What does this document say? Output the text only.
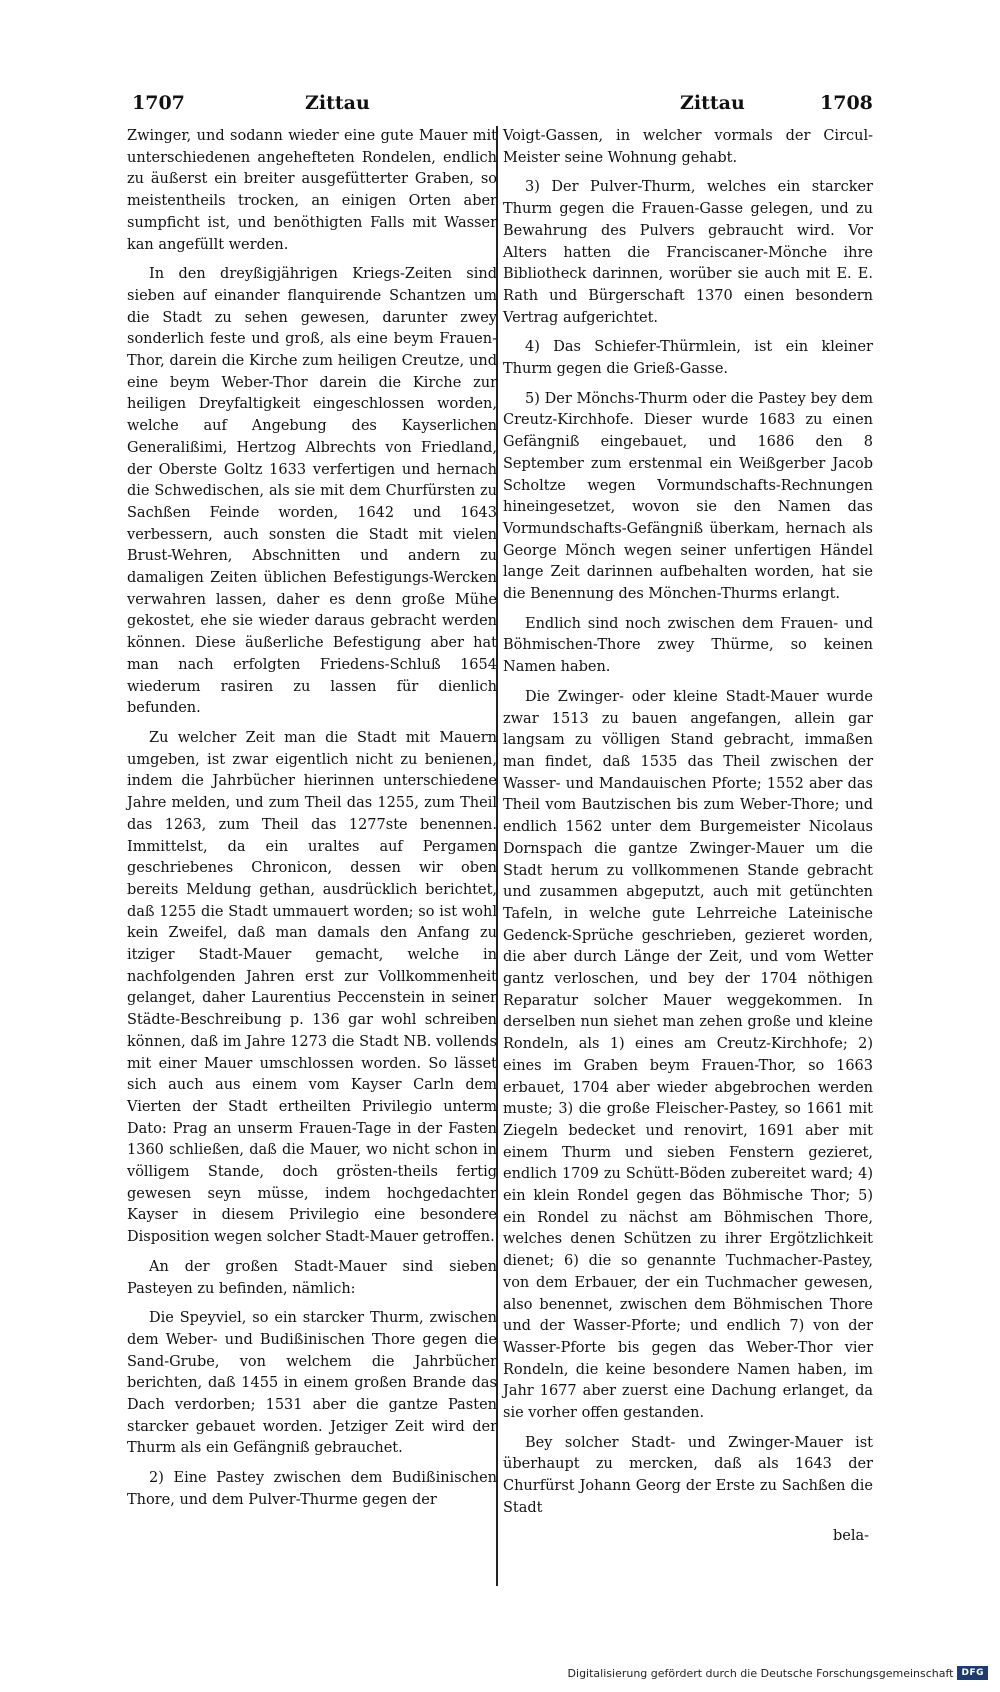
1707	Zittau	Zittau	1708

Zwinger, und sodann wieder eine gute Mauer mit unterschiedenen angehefteten Rondelen, endlich zu äußerst ein breiter ausgefütterter Graben, so meistentheils trocken, an einigen Orten aber sumpficht ist, und benöthigten Falls mit Wasser kan angefüllt werden.

In den dreyßigjährigen Kriegs-Zeiten sind sieben auf einander flanquirende Schantzen um die Stadt zu sehen gewesen, darunter zwey sonderlich feste und groß, als eine beym Frauen-Thor, darein die Kirche zum heiligen Creutze, und eine beym Weber-Thor darein die Kirche zur heiligen Dreyfaltigkeit eingeschlossen worden, welche auf Angebung des Kayserlichen Generalißimi, Hertzog Albrechts von Friedland, der Oberste Goltz 1633 verfertigen und hernach die Schwedischen, als sie mit dem Churfürsten zu Sachßen Feinde worden, 1642 und 1643 verbessern, auch sonsten die Stadt mit vielen Brust-Wehren, Abschnitten und andern zu damaligen Zeiten üblichen Befestigungs-Wercken verwahren lassen, daher es denn große Mühe gekostet, ehe sie wieder daraus gebracht werden können. Diese äußerliche Befestigung aber hat man nach erfolgten Friedens-Schluß 1654 wiederum rasiren zu lassen für dienlich befunden.

Zu welcher Zeit man die Stadt mit Mauern umgeben, ist zwar eigentlich nicht zu benienen, indem die Jahrbücher hierinnen unterschiedene Jahre melden, und zum Theil das 1255, zum Theil das 1263, zum Theil das 1277ste benennen. Immittelst, da ein uraltes auf Pergamen geschriebenes Chronicon, dessen wir oben bereits Meldung gethan, ausdrücklich berichtet, daß 1255 die Stadt ummauert worden; so ist wohl kein Zweifel, daß man damals den Anfang zu itziger Stadt-Mauer gemacht, welche in nachfolgenden Jahren erst zur Vollkommenheit gelanget, daher Laurentius Peccenstein in seiner Städte-Beschreibung p. 136 gar wohl schreiben können, daß im Jahre 1273 die Stadt NB. vollends mit einer Mauer umschlossen worden. So lässet sich auch aus einem vom Kayser Carln dem Vierten der Stadt ertheilten Privilegio unterm Dato: Prag an unserm Frauen-Tage in der Fasten 1360 schließen, daß die Mauer, wo nicht schon in völligem Stande, doch grösten-theils fertig gewesen seyn müsse, indem hochgedachter Kayser in diesem Privilegio eine besondere Disposition wegen solcher Stadt-Mauer getroffen.

An der großen Stadt-Mauer sind sieben Pasteyen zu befinden, nämlich:

Die Speyviel, so ein starcker Thurm, zwischen dem Weber- und Budißinischen Thore gegen die Sand-Grube, von welchem die Jahrbücher berichten, daß 1455 in einem großen Brande das Dach verdorben; 1531 aber die gantze Pasten starcker gebauet worden. Jetziger Zeit wird der Thurm als ein Gefängniß gebrauchet.

2) Eine Pastey zwischen dem Budißinischen Thore, und dem Pulver-Thurme gegen der

Voigt-Gassen, in welcher vormals der Circul-Meister seine Wohnung gehabt.

3) Der Pulver-Thurm, welches ein starcker Thurm gegen die Frauen-Gasse gelegen, und zu Bewahrung des Pulvers gebraucht wird. Vor Alters hatten die Franciscaner-Mönche ihre Bibliotheck darinnen, worüber sie auch mit E. E. Rath und Bürgerschaft 1370 einen besondern Vertrag aufgerichtet.

4) Das Schiefer-Thürmlein, ist ein kleiner Thurm gegen die Grieß-Gasse.

5) Der Mönchs-Thurm oder die Pastey bey dem Creutz-Kirchhofe. Dieser wurde 1683 zu einen Gefängniß eingebauet, und 1686 den 8 September zum erstenmal ein Weißgerber Jacob Scholtze wegen Vormundschafts-Rechnungen hineingesetzet, wovon sie den Namen das Vormundschafts-Gefängniß überkam, hernach als George Mönch wegen seiner unfertigen Händel lange Zeit darinnen aufbehalten worden, hat sie die Benennung des Mönchen-Thurms erlangt.

Endlich sind noch zwischen dem Frauen- und Böhmischen-Thore zwey Thürme, so keinen Namen haben.

Die Zwinger- oder kleine Stadt-Mauer wurde zwar 1513 zu bauen angefangen, allein gar langsam zu völligen Stand gebracht, immaßen man findet, daß 1535 das Theil zwischen der Wasser- und Mandauischen Pforte; 1552 aber das Theil vom Bautzischen bis zum Weber-Thore; und endlich 1562 unter dem Burgemeister Nicolaus Dornspach die gantze Zwinger-Mauer um die Stadt herum zu vollkommenen Stande gebracht und zusammen abgeputzt, auch mit getünchten Tafeln, in welche gute Lehrreiche Lateinische Gedenck-Sprüche geschrieben, gezieret worden, die aber durch Länge der Zeit, und vom Wetter gantz verloschen, und bey der 1704 nöthigen Reparatur solcher Mauer weggekommen. In derselben nun siehet man zehen große und kleine Rondeln, als 1) eines am Creutz-Kirchhofe; 2) eines im Graben beym Frauen-Thor, so 1663 erbauet, 1704 aber wieder abgebrochen werden muste; 3) die große Fleischer-Pastey, so 1661 mit Ziegeln bedecket und renovirt, 1691 aber mit einem Thurm und sieben Fenstern gezieret, endlich 1709 zu Schütt-Böden zubereitet ward; 4) ein klein Rondel gegen das Böhmische Thor; 5) ein Rondel zu nächst am Böhmischen Thore, welches denen Schützen zu ihrer Ergötzlichkeit dienet; 6) die so genannte Tuchmacher-Pastey, von dem Erbauer, der ein Tuchmacher gewesen, also benennet, zwischen dem Böhmischen Thore und der Wasser-Pforte; und endlich 7) von der Wasser-Pforte bis gegen das Weber-Thor vier Rondeln, die keine besondere Namen haben, im Jahr 1677 aber zuerst eine Dachung erlanget, da sie vorher offen gestanden.

Bey solcher Stadt- und Zwinger-Mauer ist überhaupt zu mercken, daß als 1643 der Churfürst Johann Georg der Erste zu Sachßen die Stadt

bela-

Digitalisierung gefördert durch die Deutsche Forschungsgemeinschaft DFG
